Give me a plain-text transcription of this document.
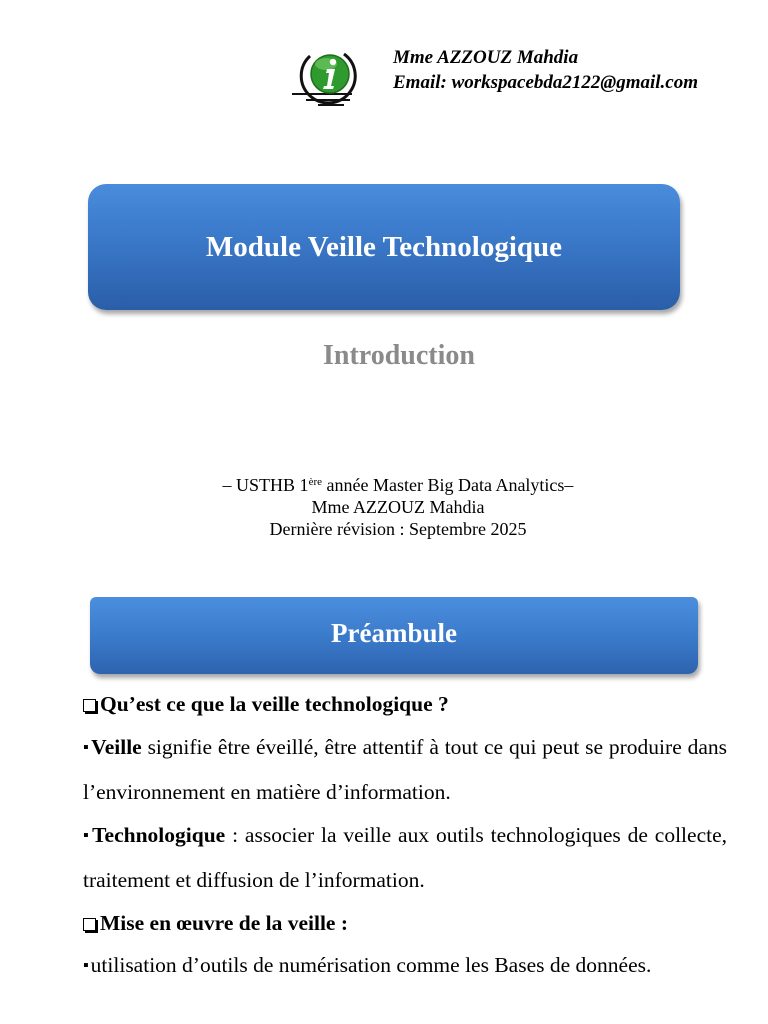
Mme AZZOUZ Mahdia
Email: workspacebda2122@gmail.com
Module Veille Technologique
Introduction
– USTHB 1ère année Master Big Data Analytics–
Mme AZZOUZ Mahdia
Dernière révision : Septembre 2025
Préambule

Qu’est ce que la veille technologique ?

▪Veille signifie être éveillé, être attentif à tout ce qui peut se produire dans l’environnement en matière d’information.

▪Technologique : associer la veille aux outils technologiques de collecte, traitement et diffusion de l’information.

Mise en œuvre de la veille :

▪utilisation d’outils de numérisation comme les Bases de données.
